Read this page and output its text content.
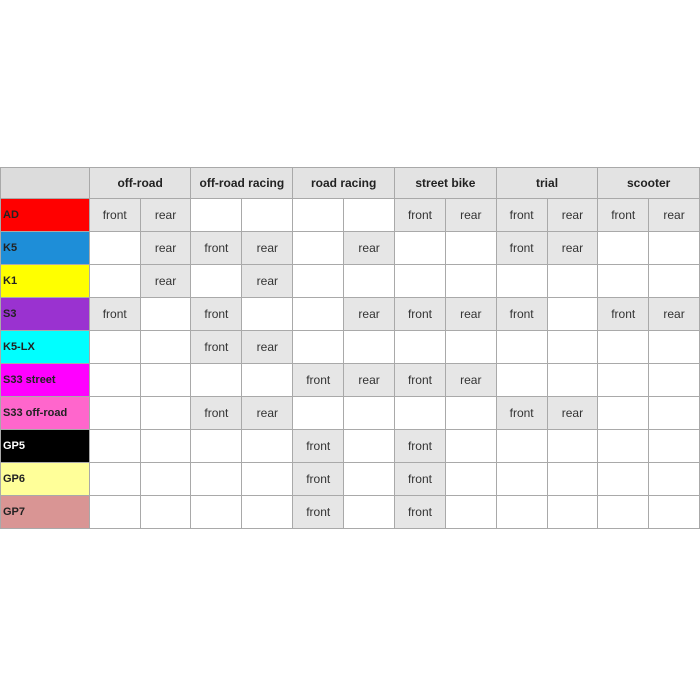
	off-road		off-road racing		road racing		street bike		trial		scooter	
AD	front	rear					front	rear	front	rear	front	rear
K5		rear	front	rear		rear			front	rear		
K1		rear		rear								
S3	front		front			rear	front	rear	front		front	rear
K5-LX			front	rear								
S33 street					front	rear	front	rear				
S33 off-road			front	rear					front	rear		
GP5					front		front					
GP6					front		front					
GP7					front		front					
